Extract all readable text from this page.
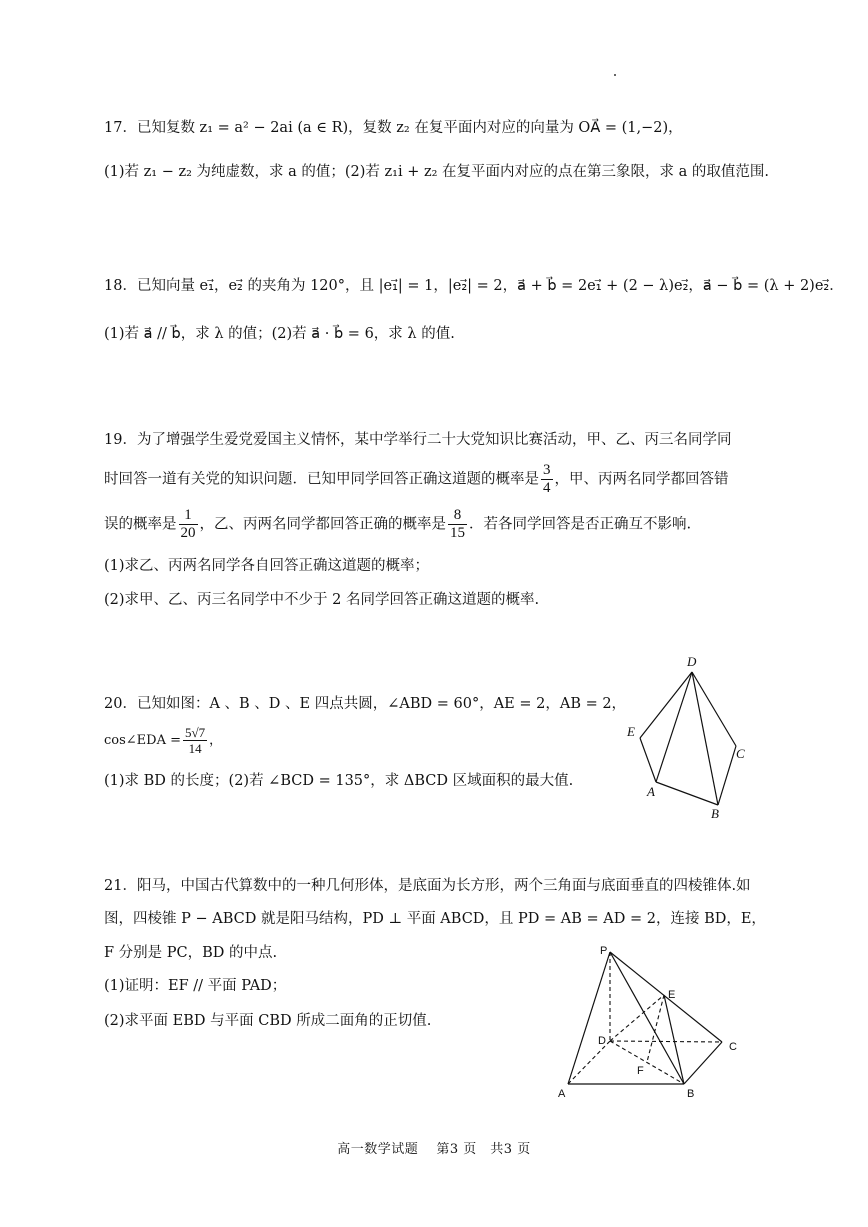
17．已知复数 z₁ = a² − 2ai (a ∈ R)，复数 z₂ 在复平面内对应的向量为 OA⃗ = (1,−2)，
(1)若 z₁ − z₂ 为纯虚数，求 a 的值；(2)若 z₁i + z₂ 在复平面内对应的点在第三象限，求 a 的取值范围.
18．已知向量 e₁⃗，e₂⃗ 的夹角为 120°，且 |e₁⃗| = 1，|e₂⃗| = 2，a⃗ + b⃗ = 2e₁⃗ + (2 − λ)e₂⃗，a⃗ − b⃗ = (λ + 2)e₂⃗．
(1)若 a⃗ // b⃗，求 λ 的值；(2)若 a⃗ · b⃗ = 6，求 λ 的值.
19．为了增强学生爱党爱国主义情怀，某中学举行二十大党知识比赛活动，甲、乙、丙三名同学同
时回答一道有关党的知识问题．已知甲同学回答正确这道题的概率是 $\frac{3}{4}$ ，甲、丙两名同学都回答错
误的概率是 $\frac{1}{20}$ ，乙、丙两名同学都回答正确的概率是 $\frac{8}{15}$ ．若各同学回答是否正确互不影响.
(1)求乙、丙两名同学各自回答正确这道题的概率；
(2)求甲、乙、丙三名同学中不少于 2 名同学回答正确这道题的概率.
20．已知如图：A 、B 、D 、E 四点共圆，∠ABD = 60°，AE = 2，AB = 2，
cos∠EDA = $\frac{5√7}{14}$ ，
(1)求 BD 的长度；(2)若 ∠BCD = 135°，求 ΔBCD 区域面积的最大值.
D
E
C
A
B
21．阳马，中国古代算数中的一种几何形体，是底面为长方形，两个三角面与底面垂直的四棱锥体.如
图，四棱锥 P − ABCD 就是阳马结构，PD ⊥ 平面 ABCD，且 PD = AB = AD = 2，连接 BD，E，
F 分别是 PC，BD 的中点.
(1)证明：EF // 平面 PAD；
(2)求平面 EBD 与平面 CBD 所成二面角的正切值.
P
E
D	C
F
A	B
高一数学试题　 第3 页　共3 页
